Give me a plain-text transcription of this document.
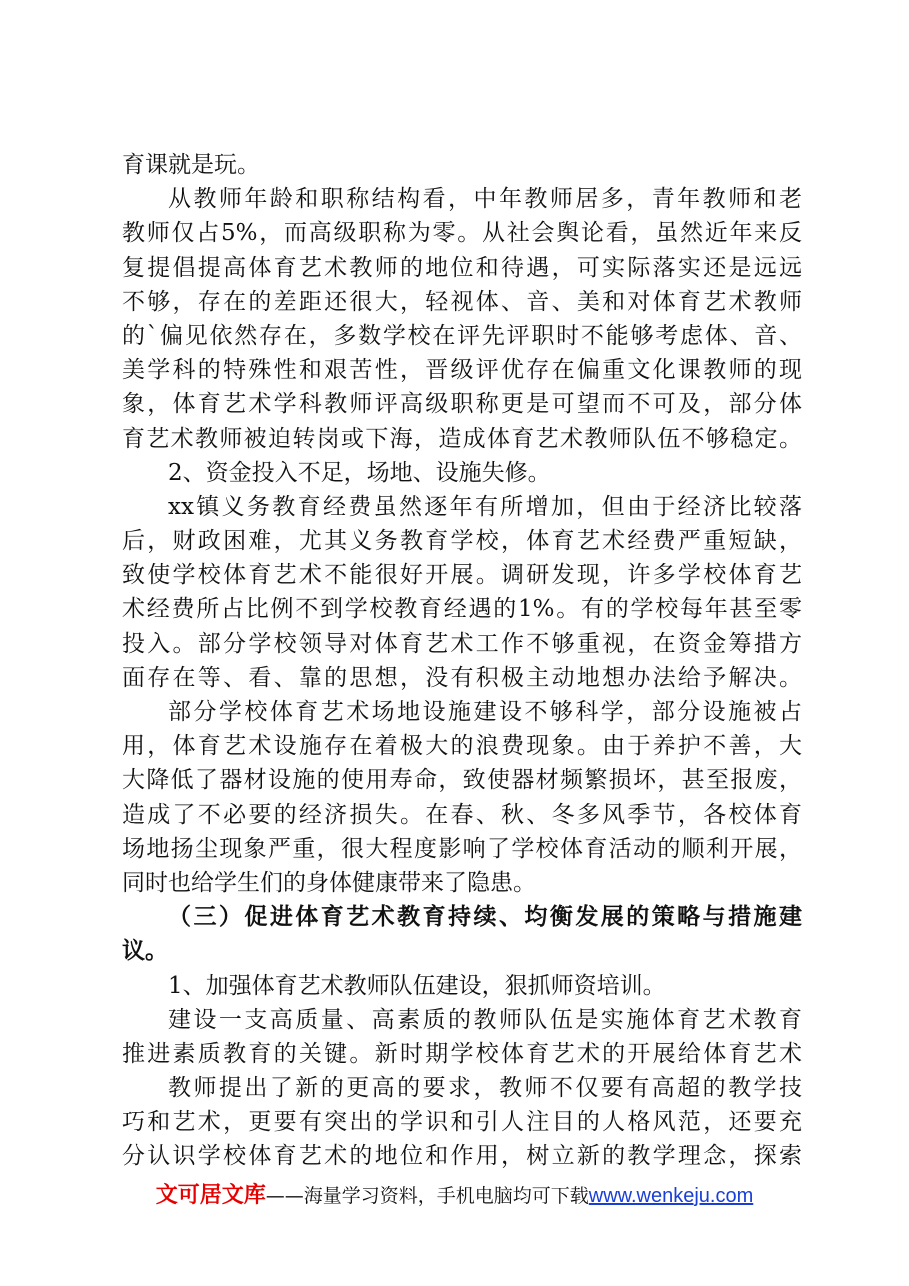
育课就是玩。
从教师年龄和职称结构看，中年教师居多，青年教师和老
教师仅占5%，而高级职称为零。从社会舆论看，虽然近年来反
复提倡提高体育艺术教师的地位和待遇，可实际落实还是远远
不够，存在的差距还很大，轻视体、音、美和对体育艺术教师
的`偏见依然存在，多数学校在评先评职时不能够考虑体、音、
美学科的特殊性和艰苦性，晋级评优存在偏重文化课教师的现
象，体育艺术学科教师评高级职称更是可望而不可及，部分体
育艺术教师被迫转岗或下海，造成体育艺术教师队伍不够稳定。
2、资金投入不足，场地、设施失修。
xx镇义务教育经费虽然逐年有所增加，但由于经济比较落
后，财政困难，尤其义务教育学校，体育艺术经费严重短缺，
致使学校体育艺术不能很好开展。调研发现，许多学校体育艺
术经费所占比例不到学校教育经遇的1%。有的学校每年甚至零
投入。部分学校领导对体育艺术工作不够重视，在资金筹措方
面存在等、看、靠的思想，没有积极主动地想办法给予解决。
部分学校体育艺术场地设施建设不够科学，部分设施被占
用，体育艺术设施存在着极大的浪费现象。由于养护不善，大
大降低了器材设施的使用寿命，致使器材频繁损坏，甚至报废，
造成了不必要的经济损失。在春、秋、冬多风季节，各校体育
场地扬尘现象严重，很大程度影响了学校体育活动的顺利开展，
同时也给学生们的身体健康带来了隐患。
（三）促进体育艺术教育持续、均衡发展的策略与措施建
议。
1、加强体育艺术教师队伍建设，狠抓师资培训。
建设一支高质量、高素质的教师队伍是实施体育艺术教育
推进素质教育的关键。新时期学校体育艺术的开展给体育艺术
教师提出了新的更高的要求，教师不仅要有高超的教学技
巧和艺术，更要有突出的学识和引人注目的人格风范，还要充
分认识学校体育艺术的地位和作用，树立新的教学理念，探索
文可居文库——海量学习资料，手机电脑均可下载www.wenkeju.com
